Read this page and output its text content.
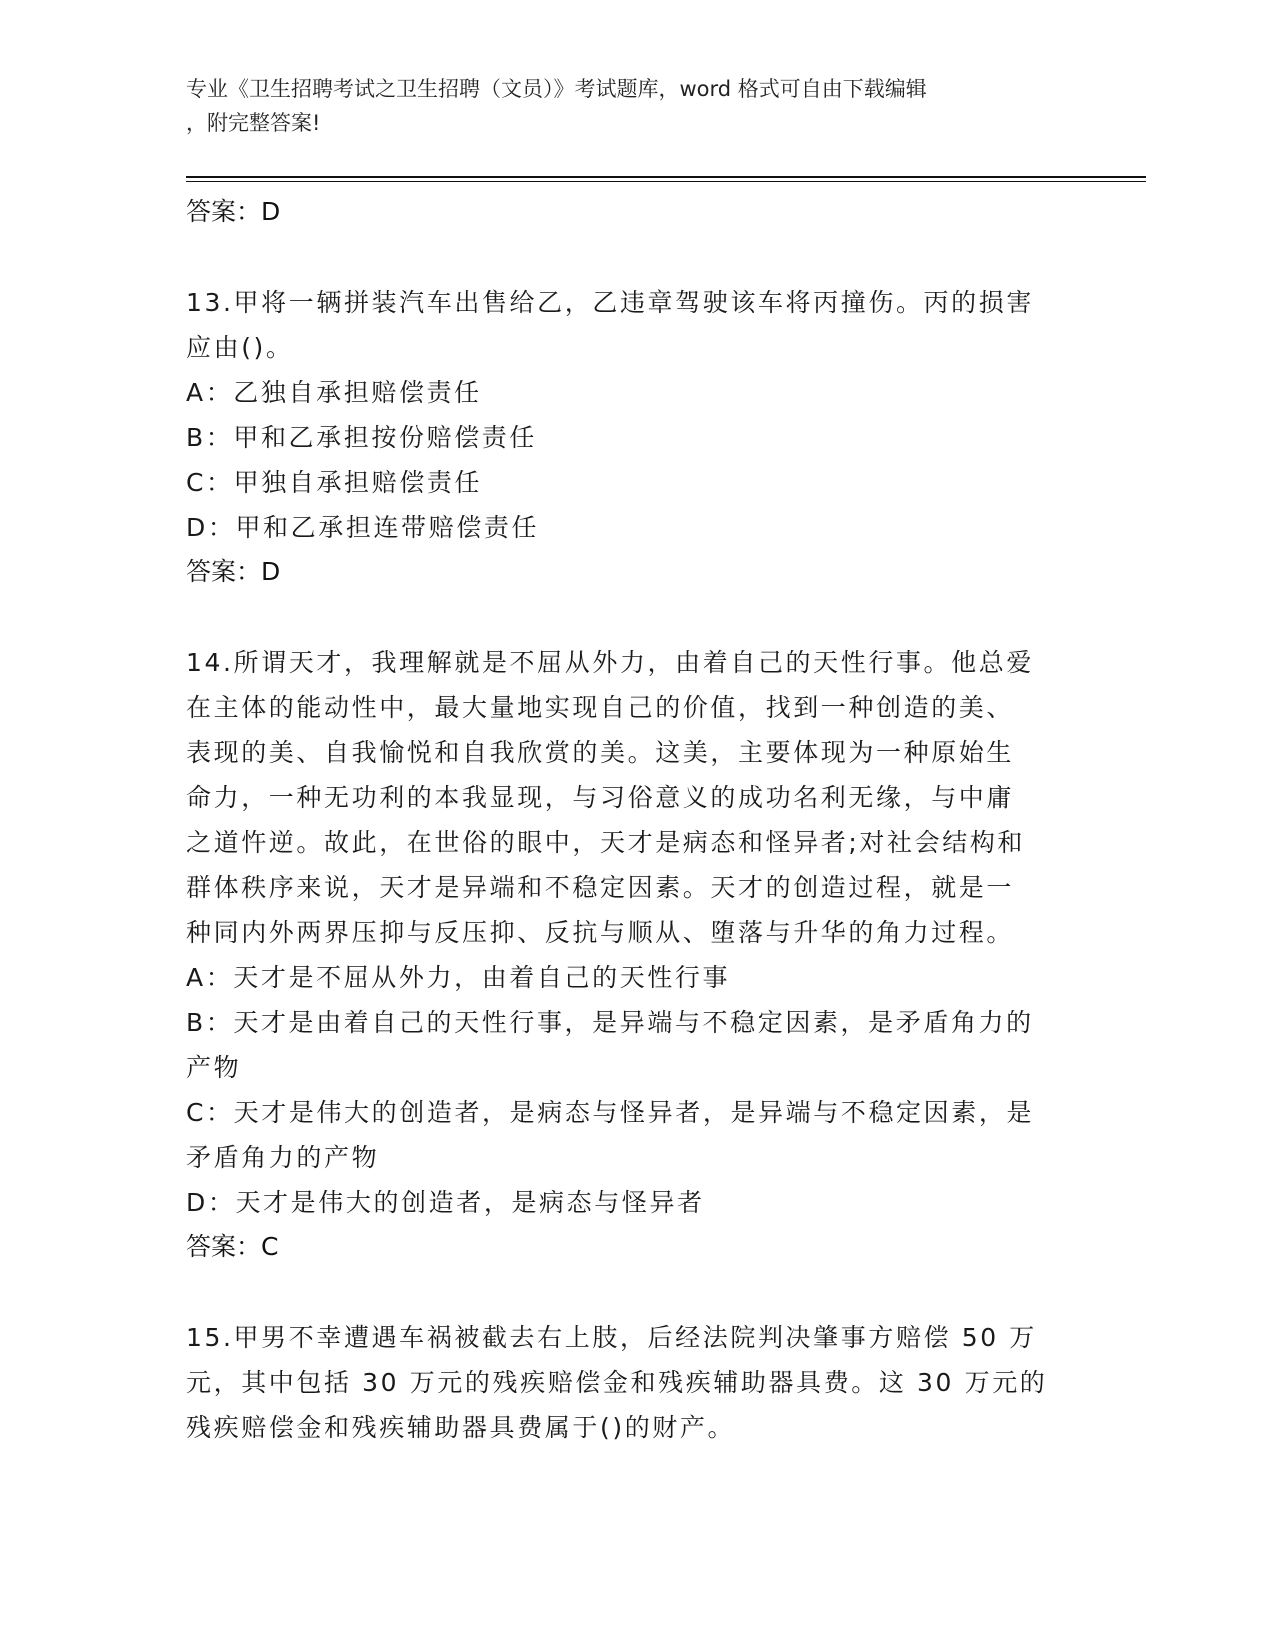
专业《卫生招聘考试之卫生招聘（文员）》考试题库，word 格式可自由下载编辑
，附完整答案!
答案：D
13.甲将一辆拼装汽车出售给乙，乙违章驾驶该车将丙撞伤。丙的损害
应由()。
A：乙独自承担赔偿责任
B：甲和乙承担按份赔偿责任
C：甲独自承担赔偿责任
D：甲和乙承担连带赔偿责任
答案：D
14.所谓天才，我理解就是不屈从外力，由着自己的天性行事。他总爱
在主体的能动性中，最大量地实现自己的价值，找到一种创造的美、
表现的美、自我愉悦和自我欣赏的美。这美，主要体现为一种原始生
命力，一种无功利的本我显现，与习俗意义的成功名利无缘，与中庸
之道忤逆。故此，在世俗的眼中，天才是病态和怪异者;对社会结构和
群体秩序来说，天才是异端和不稳定因素。天才的创造过程，就是一
种同内外两界压抑与反压抑、反抗与顺从、堕落与升华的角力过程。
A：天才是不屈从外力，由着自己的天性行事
B：天才是由着自己的天性行事，是异端与不稳定因素，是矛盾角力的
产物
C：天才是伟大的创造者，是病态与怪异者，是异端与不稳定因素，是
矛盾角力的产物
D：天才是伟大的创造者，是病态与怪异者
答案：C
15.甲男不幸遭遇车祸被截去右上肢，后经法院判决肇事方赔偿 50 万
元，其中包括 30 万元的残疾赔偿金和残疾辅助器具费。这 30 万元的
残疾赔偿金和残疾辅助器具费属于()的财产。
